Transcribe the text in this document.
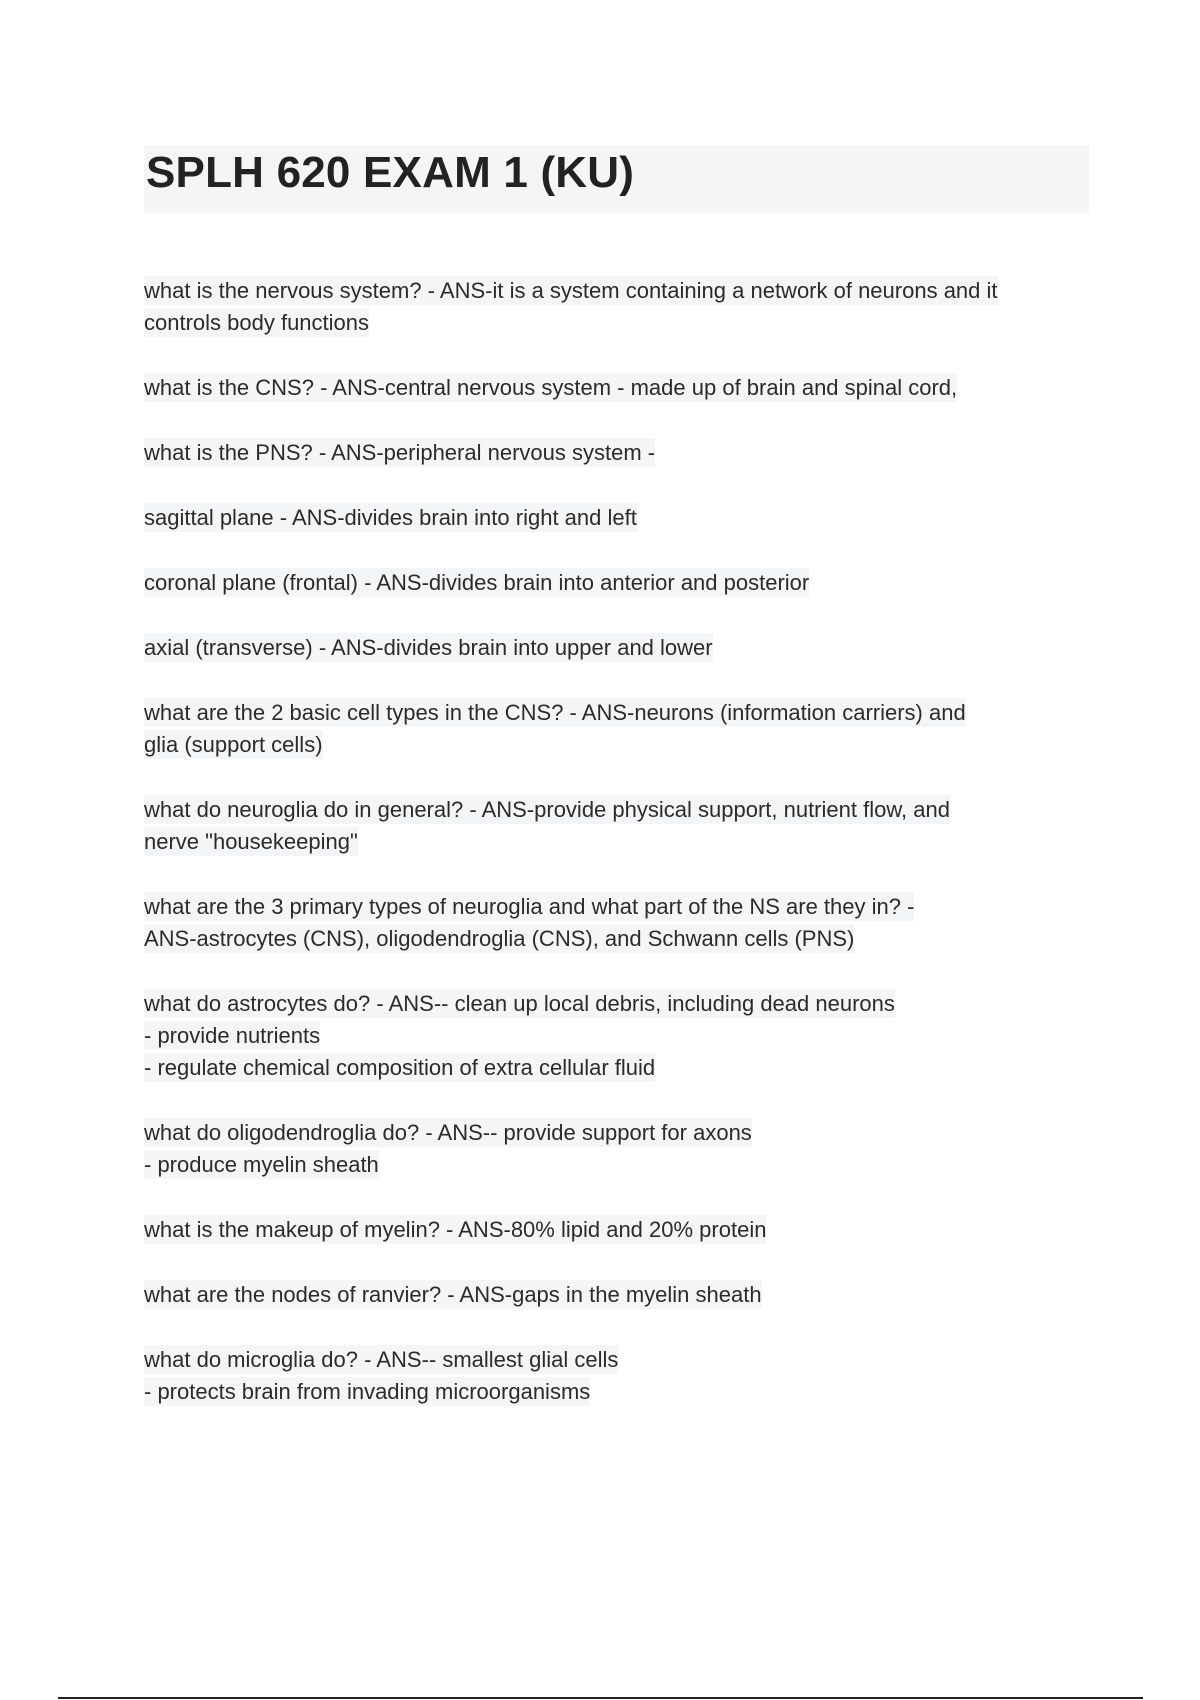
SPLH 620 EXAM 1 (KU)
what is the nervous system? - ANS-it is a system containing a network of neurons and it
controls body functions
what is the CNS? - ANS-central nervous system - made up of brain and spinal cord,
what is the PNS? - ANS-peripheral nervous system -
sagittal plane - ANS-divides brain into right and left
coronal plane (frontal) - ANS-divides brain into anterior and posterior
axial (transverse) - ANS-divides brain into upper and lower
what are the 2 basic cell types in the CNS? - ANS-neurons (information carriers) and
glia (support cells)
what do neuroglia do in general? - ANS-provide physical support, nutrient flow, and
nerve "housekeeping"
what are the 3 primary types of neuroglia and what part of the NS are they in? -
ANS-astrocytes (CNS), oligodendroglia (CNS), and Schwann cells (PNS)
what do astrocytes do? - ANS-- clean up local debris, including dead neurons
- provide nutrients
- regulate chemical composition of extra cellular fluid
what do oligodendroglia do? - ANS-- provide support for axons
- produce myelin sheath
what is the makeup of myelin? - ANS-80% lipid and 20% protein
what are the nodes of ranvier? - ANS-gaps in the myelin sheath
what do microglia do? - ANS-- smallest glial cells
- protects brain from invading microorganisms
